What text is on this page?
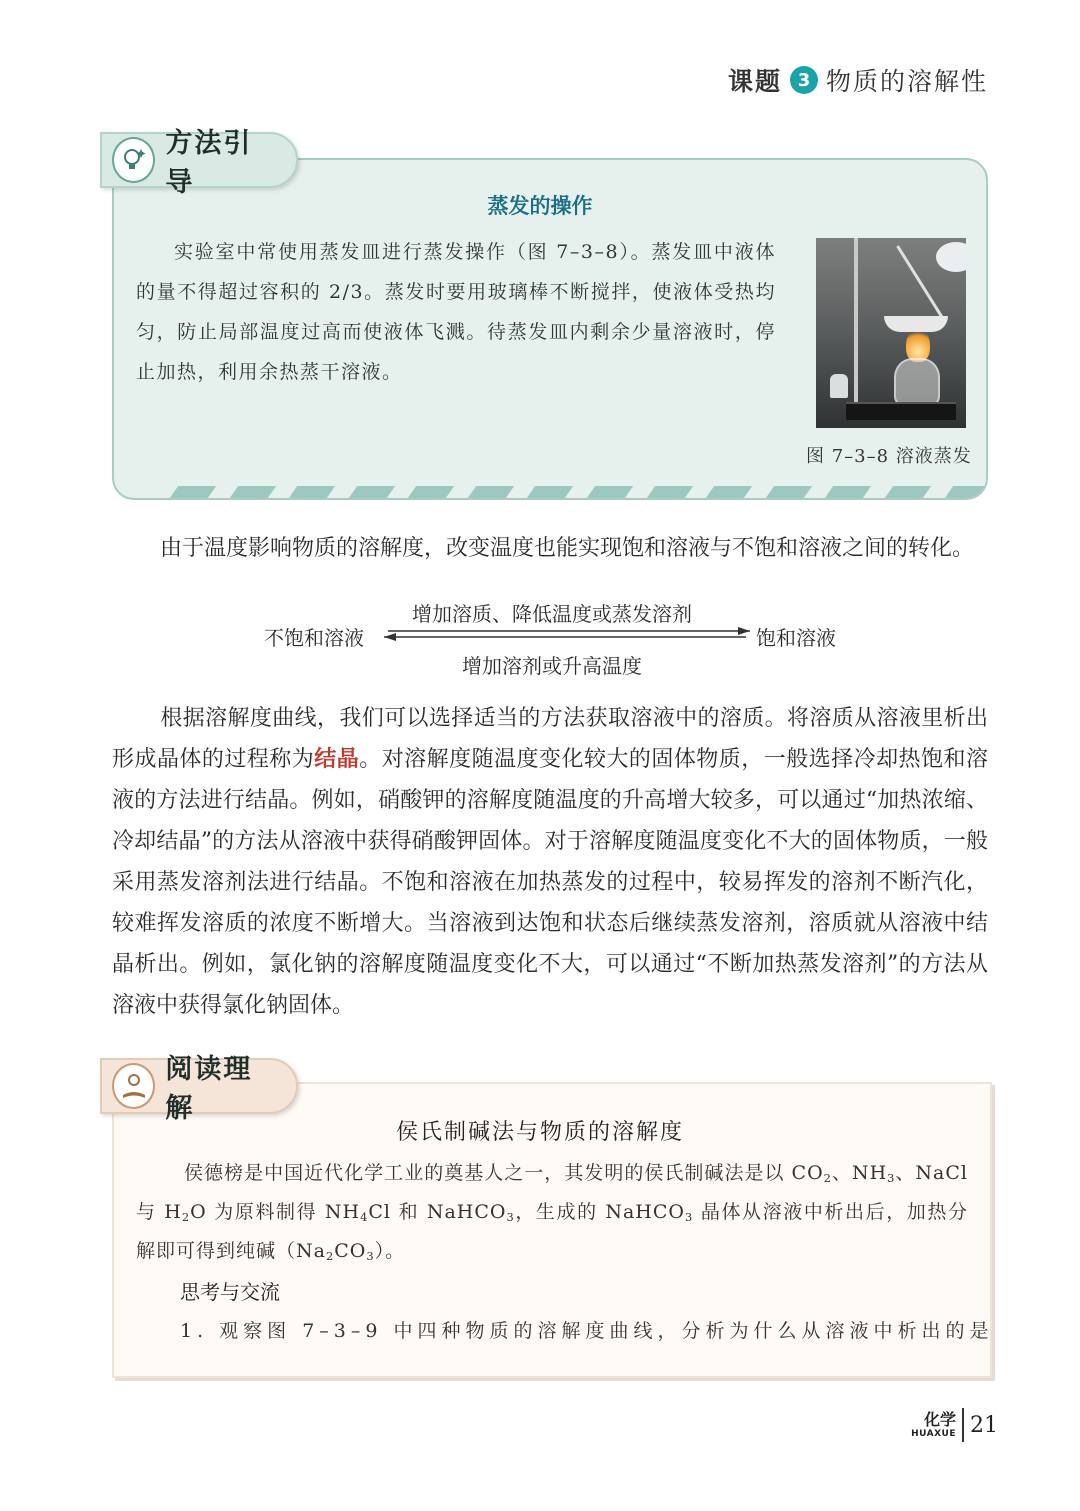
课题 3 物质的溶解性
方法引导
蒸发的操作

实验室中常使用蒸发皿进行蒸发操作（图 7–3–8）。蒸发皿中液体的量不得超过容积的 2/3。蒸发时要用玻璃棒不断搅拌，使液体受热均匀，防止局部温度过高而使液体飞溅。待蒸发皿内剩余少量溶液时，停止加热，利用余热蒸干溶液。

图 7–3–8 溶液蒸发

由于温度影响物质的溶解度，改变温度也能实现饱和溶液与不饱和溶液之间的转化。

不饱和溶液
增加溶质、降低温度或蒸发溶剂
饱和溶液
增加溶剂或升高温度

根据溶解度曲线，我们可以选择适当的方法获取溶液中的溶质。将溶质从溶液里析出形成晶体的过程称为结晶。对溶解度随温度变化较大的固体物质，一般选择冷却热饱和溶液的方法进行结晶。例如，硝酸钾的溶解度随温度的升高增大较多，可以通过“加热浓缩、冷却结晶”的方法从溶液中获得硝酸钾固体。对于溶解度随温度变化不大的固体物质，一般采用蒸发溶剂法进行结晶。不饱和溶液在加热蒸发的过程中，较易挥发的溶剂不断汽化，较难挥发溶质的浓度不断增大。当溶液到达饱和状态后继续蒸发溶剂，溶质就从溶液中结晶析出。例如，氯化钠的溶解度随温度变化不大，可以通过“不断加热蒸发溶剂”的方法从溶液中获得氯化钠固体。

阅读理解
侯氏制碱法与物质的溶解度

侯德榜是中国近代化学工业的奠基人之一，其发明的侯氏制碱法是以 $CO_2$、$NH_3$、NaCl 与 $H_2O$ 为原料制得 $NH_4Cl$ 和 NaHCO$_3$，生成的 NaHCO$_3$ 晶体从溶液中析出后，加热分解即可得到纯碱$(Na_2CO_3)$。

思考与交流
1. 观察图 7–3–9 中四种物质的溶解度曲线，分析为什么从溶液中析出的是
化学
HUAXUE 21
